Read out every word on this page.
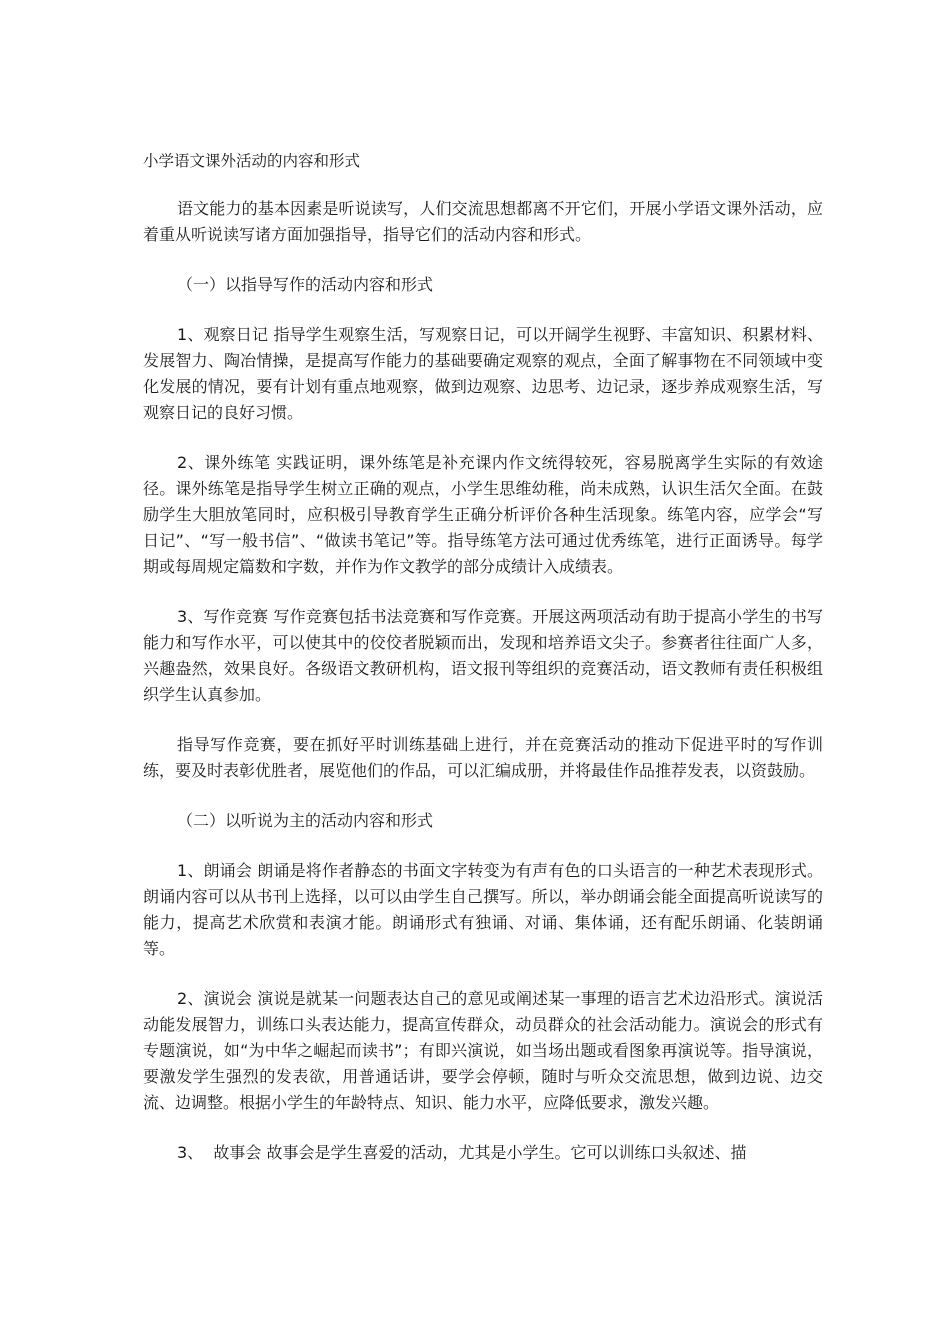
小学语文课外活动的内容和形式

语文能力的基本因素是听说读写，人们交流思想都离不开它们，开展小学语文课外活动，应着重从听说读写诸方面加强指导，指导它们的活动内容和形式。

（一）以指导写作的活动内容和形式

1、观察日记 指导学生观察生活，写观察日记，可以开阔学生视野、丰富知识、积累材料、发展智力、陶冶情操，是提高写作能力的基础要确定观察的观点，全面了解事物在不同领域中变化发展的情况，要有计划有重点地观察，做到边观察、边思考、边记录，逐步养成观察生活，写观察日记的良好习惯。

2、课外练笔 实践证明，课外练笔是补充课内作文统得较死，容易脱离学生实际的有效途径。课外练笔是指导学生树立正确的观点，小学生思维幼稚，尚未成熟，认识生活欠全面。在鼓励学生大胆放笔同时，应积极引导教育学生正确分析评价各种生活现象。练笔内容，应学会“写日记”、“写一般书信”、“做读书笔记”等。指导练笔方法可通过优秀练笔，进行正面诱导。每学期或每周规定篇数和字数，并作为作文教学的部分成绩计入成绩表。

3、写作竞赛 写作竞赛包括书法竞赛和写作竞赛。开展这两项活动有助于提高小学生的书写能力和写作水平，可以使其中的佼佼者脱颖而出，发现和培养语文尖子。参赛者往往面广人多，兴趣盎然，效果良好。各级语文教研机构，语文报刊等组织的竞赛活动，语文教师有责任积极组织学生认真参加。

指导写作竞赛，要在抓好平时训练基础上进行，并在竞赛活动的推动下促进平时的写作训练，要及时表彰优胜者，展览他们的作品，可以汇编成册，并将最佳作品推荐发表，以资鼓励。

（二）以听说为主的活动内容和形式

1、朗诵会 朗诵是将作者静态的书面文字转变为有声有色的口头语言的一种艺术表现形式。朗诵内容可以从书刊上选择，以可以由学生自己撰写。所以，举办朗诵会能全面提高听说读写的能力，提高艺术欣赏和表演才能。朗诵形式有独诵、对诵、集体诵，还有配乐朗诵、化装朗诵等。

2、演说会 演说是就某一问题表达自己的意见或阐述某一事理的语言艺术边沿形式。演说活动能发展智力，训练口头表达能力，提高宣传群众，动员群众的社会活动能力。演说会的形式有专题演说，如“为中华之崛起而读书”；有即兴演说，如当场出题或看图象再演说等。指导演说，要激发学生强烈的发表欲，用普通话讲，要学会停顿，随时与听众交流思想，做到边说、边交流、边调整。根据小学生的年龄特点、知识、能力水平，应降低要求，激发兴趣。

3、  故事会 故事会是学生喜爱的活动，尤其是小学生。它可以训练口头叙述、描
